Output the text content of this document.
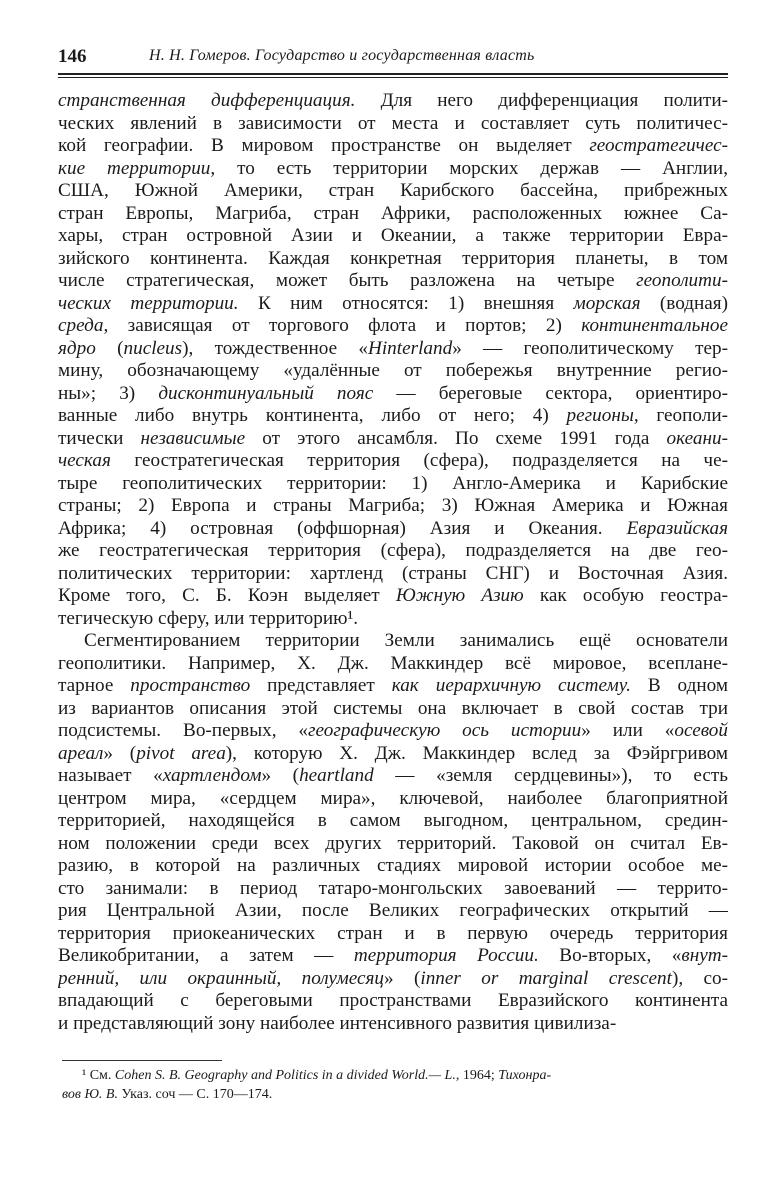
146	Н. Н. Гомеров. Государство и государственная власть
странственная дифференциация. Для него дифференциация полити-
ческих явлений в зависимости от места и составляет суть политичес-
кой географии. В мировом пространстве он выделяет геостратегичес-
кие территории, то есть территории морских держав — Англии,
США, Южной Америки, стран Карибского бассейна, прибрежных
стран Европы, Магриба, стран Африки, расположенных южнее Са-
хары, стран островной Азии и Океании, а также территории Евра-
зийского континента. Каждая конкретная территория планеты, в том
числе стратегическая, может быть разложена на четыре геополити-
ческих территории. К ним относятся: 1) внешняя морская (водная)
среда, зависящая от торгового флота и портов; 2) континентальное
ядро (nucleus), тождественное «Hinterland» — геополитическому тер-
мину, обозначающему «удалённые от побережья внутренние регио-
ны»; 3) дисконтинуальный пояс — береговые сектора, ориентиро-
ванные либо внутрь континента, либо от него; 4) регионы, геополи-
тически независимые от этого ансамбля. По схеме 1991 года океани-
ческая геостратегическая территория (сфера), подразделяется на че-
тыре геополитических территории: 1) Англо-Америка и Карибские
страны; 2) Европа и страны Магриба; 3) Южная Америка и Южная
Африка; 4) островная (оффшорная) Азия и Океания. Евразийская
же геостратегическая территория (сфера), подразделяется на две гео-
политических территории: хартленд (страны СНГ) и Восточная Азия.
Кроме того, С. Б. Коэн выделяет Южную Азию как особую геостра-
тегическую сферу, или территорию¹.
Сегментированием территории Земли занимались ещё основатели
геополитики. Например, Х. Дж. Маккиндер всё мировое, всеплане-
тарное пространство представляет как иерархичную систему. В одном
из вариантов описания этой системы она включает в свой состав три
подсистемы. Во-первых, «географическую ось истории» или «осевой
ареал» (pivot area), которую Х. Дж. Маккиндер вслед за Фэйргривом
называет «хартлендом» (heartland — «земля сердцевины»), то есть
центром мира, «сердцем мира», ключевой, наиболее благоприятной
территорией, находящейся в самом выгодном, центральном, средин-
ном положении среди всех других территорий. Таковой он считал Ев-
разию, в которой на различных стадиях мировой истории особое ме-
сто занимали: в период татаро-монгольских завоеваний — террито-
рия Центральной Азии, после Великих географических открытий —
территория приокеанических стран и в первую очередь территория
Великобритании, а затем — территория России. Во-вторых, «внут-
ренний, или окраинный, полумесяц» (inner or marginal crescent), со-
впадающий с береговыми пространствами Евразийского континента
и представляющий зону наиболее интенсивного развития цивилиза-
¹ См. Cohen S. B. Geography and Politics in a divided World.— L., 1964; Тихонра-
вов Ю. В. Указ. соч — С. 170—174.
